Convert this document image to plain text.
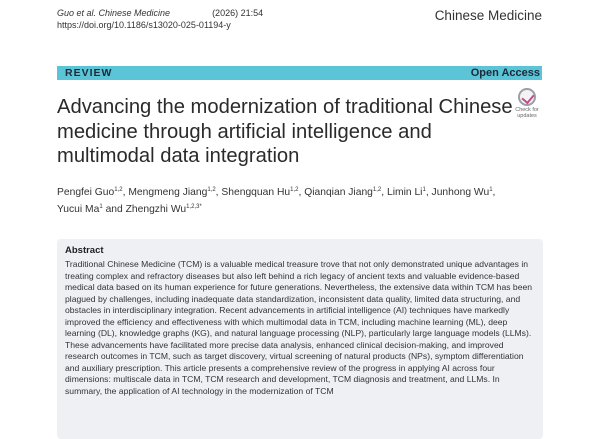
Guo et al. Chinese Medicine	(2026) 21:54
https://doi.org/10.1186/s13020-025-01194-y
Chinese Medicine
REVIEW	Open Access
Advancing the modernization of traditional Chinese medicine through artificial intelligence and multimodal data integration
Check for
updates
Pengfei Guo$^{1,2}$, Mengmeng Jiang$^{1,2}$, Shengquan Hu$^{1,2}$, Qianqian Jiang$^{1,2}$, Limin Li$^1$, Junhong Wu$^1$,
Yucui Ma$^1$ and Zhengzhi $Wu^{1,2,3*}$
Abstract

Traditional Chinese Medicine (TCM) is a valuable medical treasure trove that not only demonstrated unique advantages in treating complex and refractory diseases but also left behind a rich legacy of ancient texts and valuable evidence-based medical data based on its human experience for future generations. Nevertheless, the extensive data within TCM has been plagued by challenges, including inadequate data standardization, inconsistent data quality, limited data structuring, and obstacles in interdisciplinary integration. Recent advancements in artificial intelligence (AI) techniques have markedly improved the efficiency and effectiveness with which multimodal data in TCM, including machine learning (ML), deep learning (DL), knowledge graphs (KG), and natural language processing (NLP), particularly large language models (LLMs). These advancements have facilitated more precise data analysis, enhanced clinical decision-making, and improved research outcomes in TCM, such as target discovery, virtual screening of natural products (NPs), symptom differentiation and auxiliary prescription. This article presents a comprehensive review of the progress in applying AI across four dimensions: multiscale data in TCM, TCM research and development, TCM diagnosis and treatment, and LLMs. In summary, the application of AI technology in the modernization of TCM
